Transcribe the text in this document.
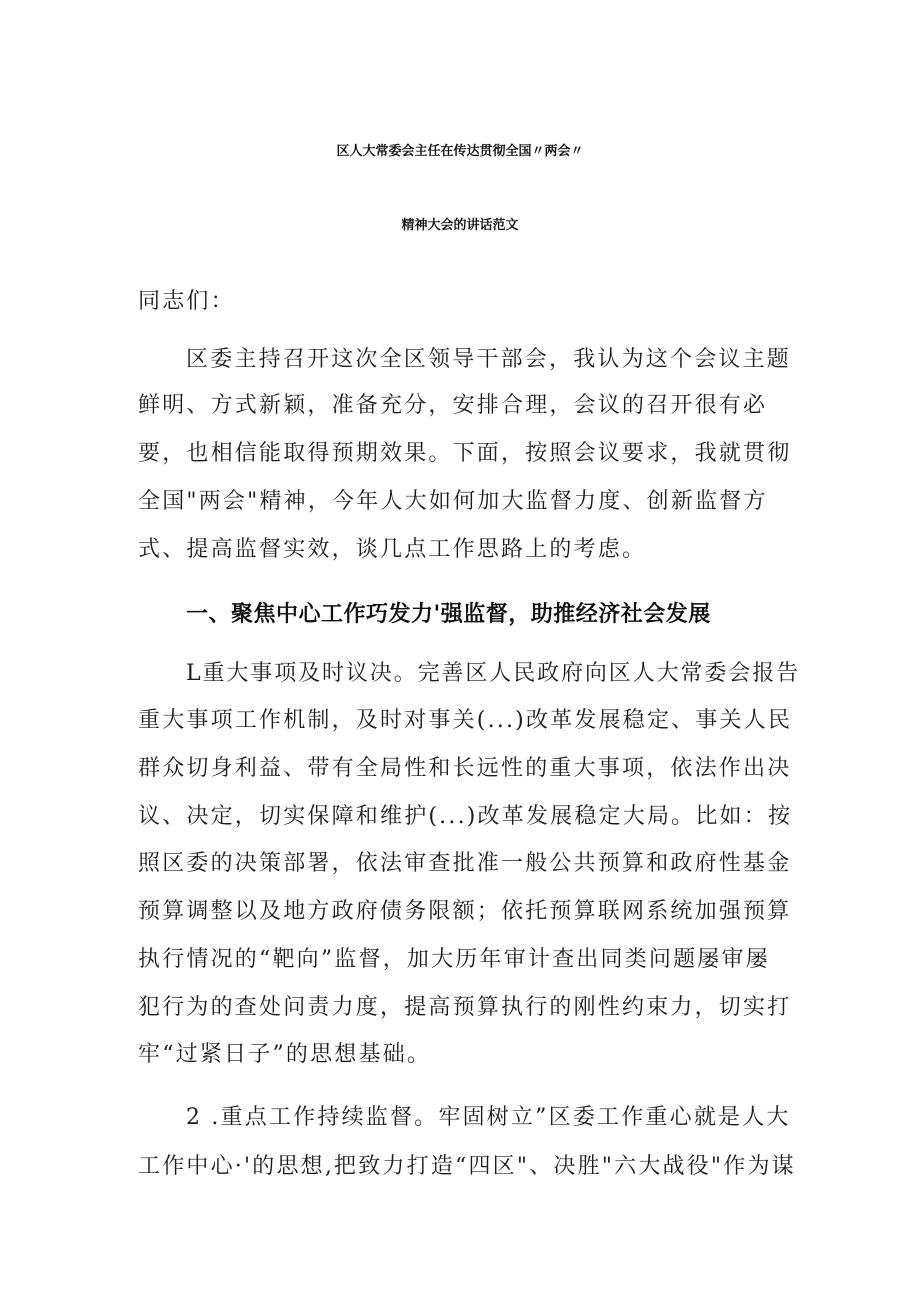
区人大常委会主任在传达贯彻全国〃两会〃
精神大会的讲话范文
同志们：
区委主持召开这次全区领导干部会，我认为这个会议主题
鲜明、方式新颖，准备充分，安排合理，会议的召开很有必
要，也相信能取得预期效果。下面，按照会议要求，我就贯彻
全国"两会"精神，今年人大如何加大监督力度、创新监督方
式、提高监督实效，谈几点工作思路上的考虑。
一、聚焦中心工作巧发力'强监督，助推经济社会发展
L重大事项及时议决。完善区人民政府向区人大常委会报告
重大事项工作机制，及时对事关(...)改革发展稳定、事关人民
群众切身利益、带有全局性和长远性的重大事项，依法作出决
议、决定，切实保障和维护(...)改革发展稳定大局。比如：按
照区委的决策部署，依法审查批准一般公共预算和政府性基金
预算调整以及地方政府债务限额；依托预算联网系统加强预算
执行情况的“靶向”监督，加大历年审计查出同类问题屡审屡
犯行为的查处问责力度，提高预算执行的刚性约束力，切实打
牢“过紧日子”的思想基础。
2 .重点工作持续监督。牢固树立”区委工作重心就是人大
工作中心·'的思想,把致力打造“四区"、决胜"六大战役"作为谋
